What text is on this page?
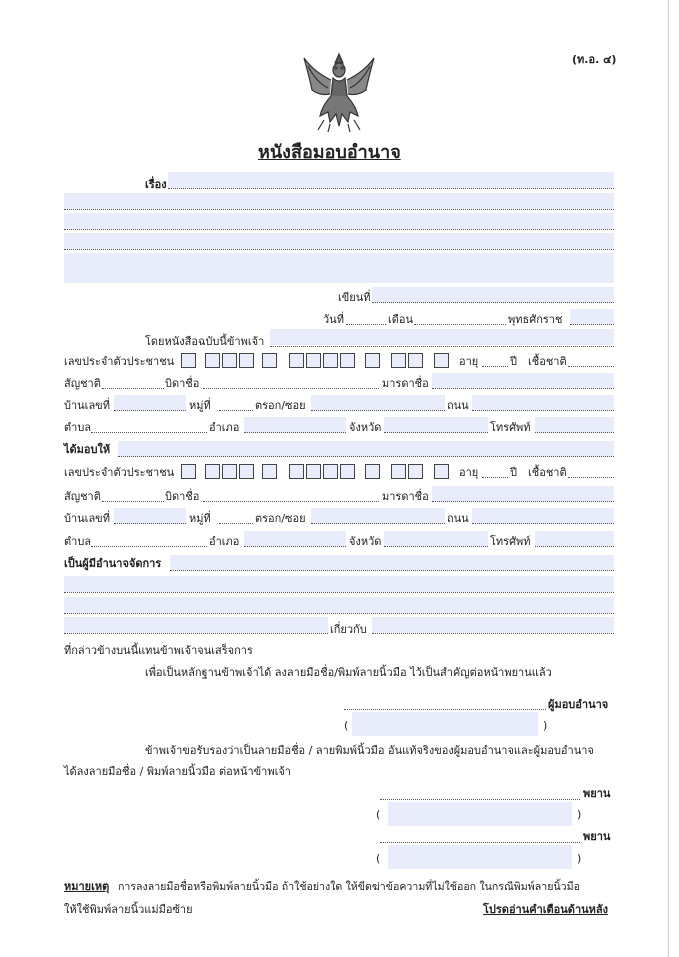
(ท.อ. ๔)
หนังสือมอบอำนาจ
เรื่อง
เขียนที่
วันที่	เดือน	พุทธศักราช
โดยหนังสือฉบับนี้ข้าพเจ้า
เลขประจำตัวประชาชน	อายุ	ปี เชื้อชาติ
สัญชาติ	บิดาชื่อ	มารดาชื่อ
บ้านเลขที่	หมู่ที่	ตรอก/ซอย	ถนน
ตำบล	อำเภอ	จังหวัด	โทรศัพท์
ได้มอบให้
เลขประจำตัวประชาชน	อายุ	ปี เชื้อชาติ
สัญชาติ	บิดาชื่อ	มารดาชื่อ
บ้านเลขที่	หมู่ที่	ตรอก/ซอย	ถนน
ตำบล	อำเภอ	จังหวัด	โทรศัพท์
เป็นผู้มีอำนาจจัดการ
เกี่ยวกับ
ที่กล่าวข้างบนนี้แทนข้าพเจ้าจนเสร็จการ
เพื่อเป็นหลักฐานข้าพเจ้าได้ ลงลายมือชื่อ/พิมพ์ลายนิ้วมือ ไว้เป็นสำคัญต่อหน้าพยานแล้ว
ผู้มอบอำนาจ
(	)
ข้าพเจ้าขอรับรองว่าเป็นลายมือชื่อ / ลายพิมพ์นิ้วมือ อันแท้จริงของผู้มอบอำนาจและผู้มอบอำนาจ
ได้ลงลายมือชื่อ / พิมพ์ลายนิ้วมือ ต่อหน้าข้าพเจ้า
พยาน
(	)
พยาน
(	)
หมายเหตุ การลงลายมือชื่อหรือพิมพ์ลายนิ้วมือ ถ้าใช้อย่างใด ให้ขีดฆ่าข้อความที่ไม่ใช้ออก ในกรณีพิมพ์ลายนิ้วมือ
ให้ใช้พิมพ์ลายนิ้วแม่มือซ้าย	โปรดอ่านคำเตือนด้านหลัง
